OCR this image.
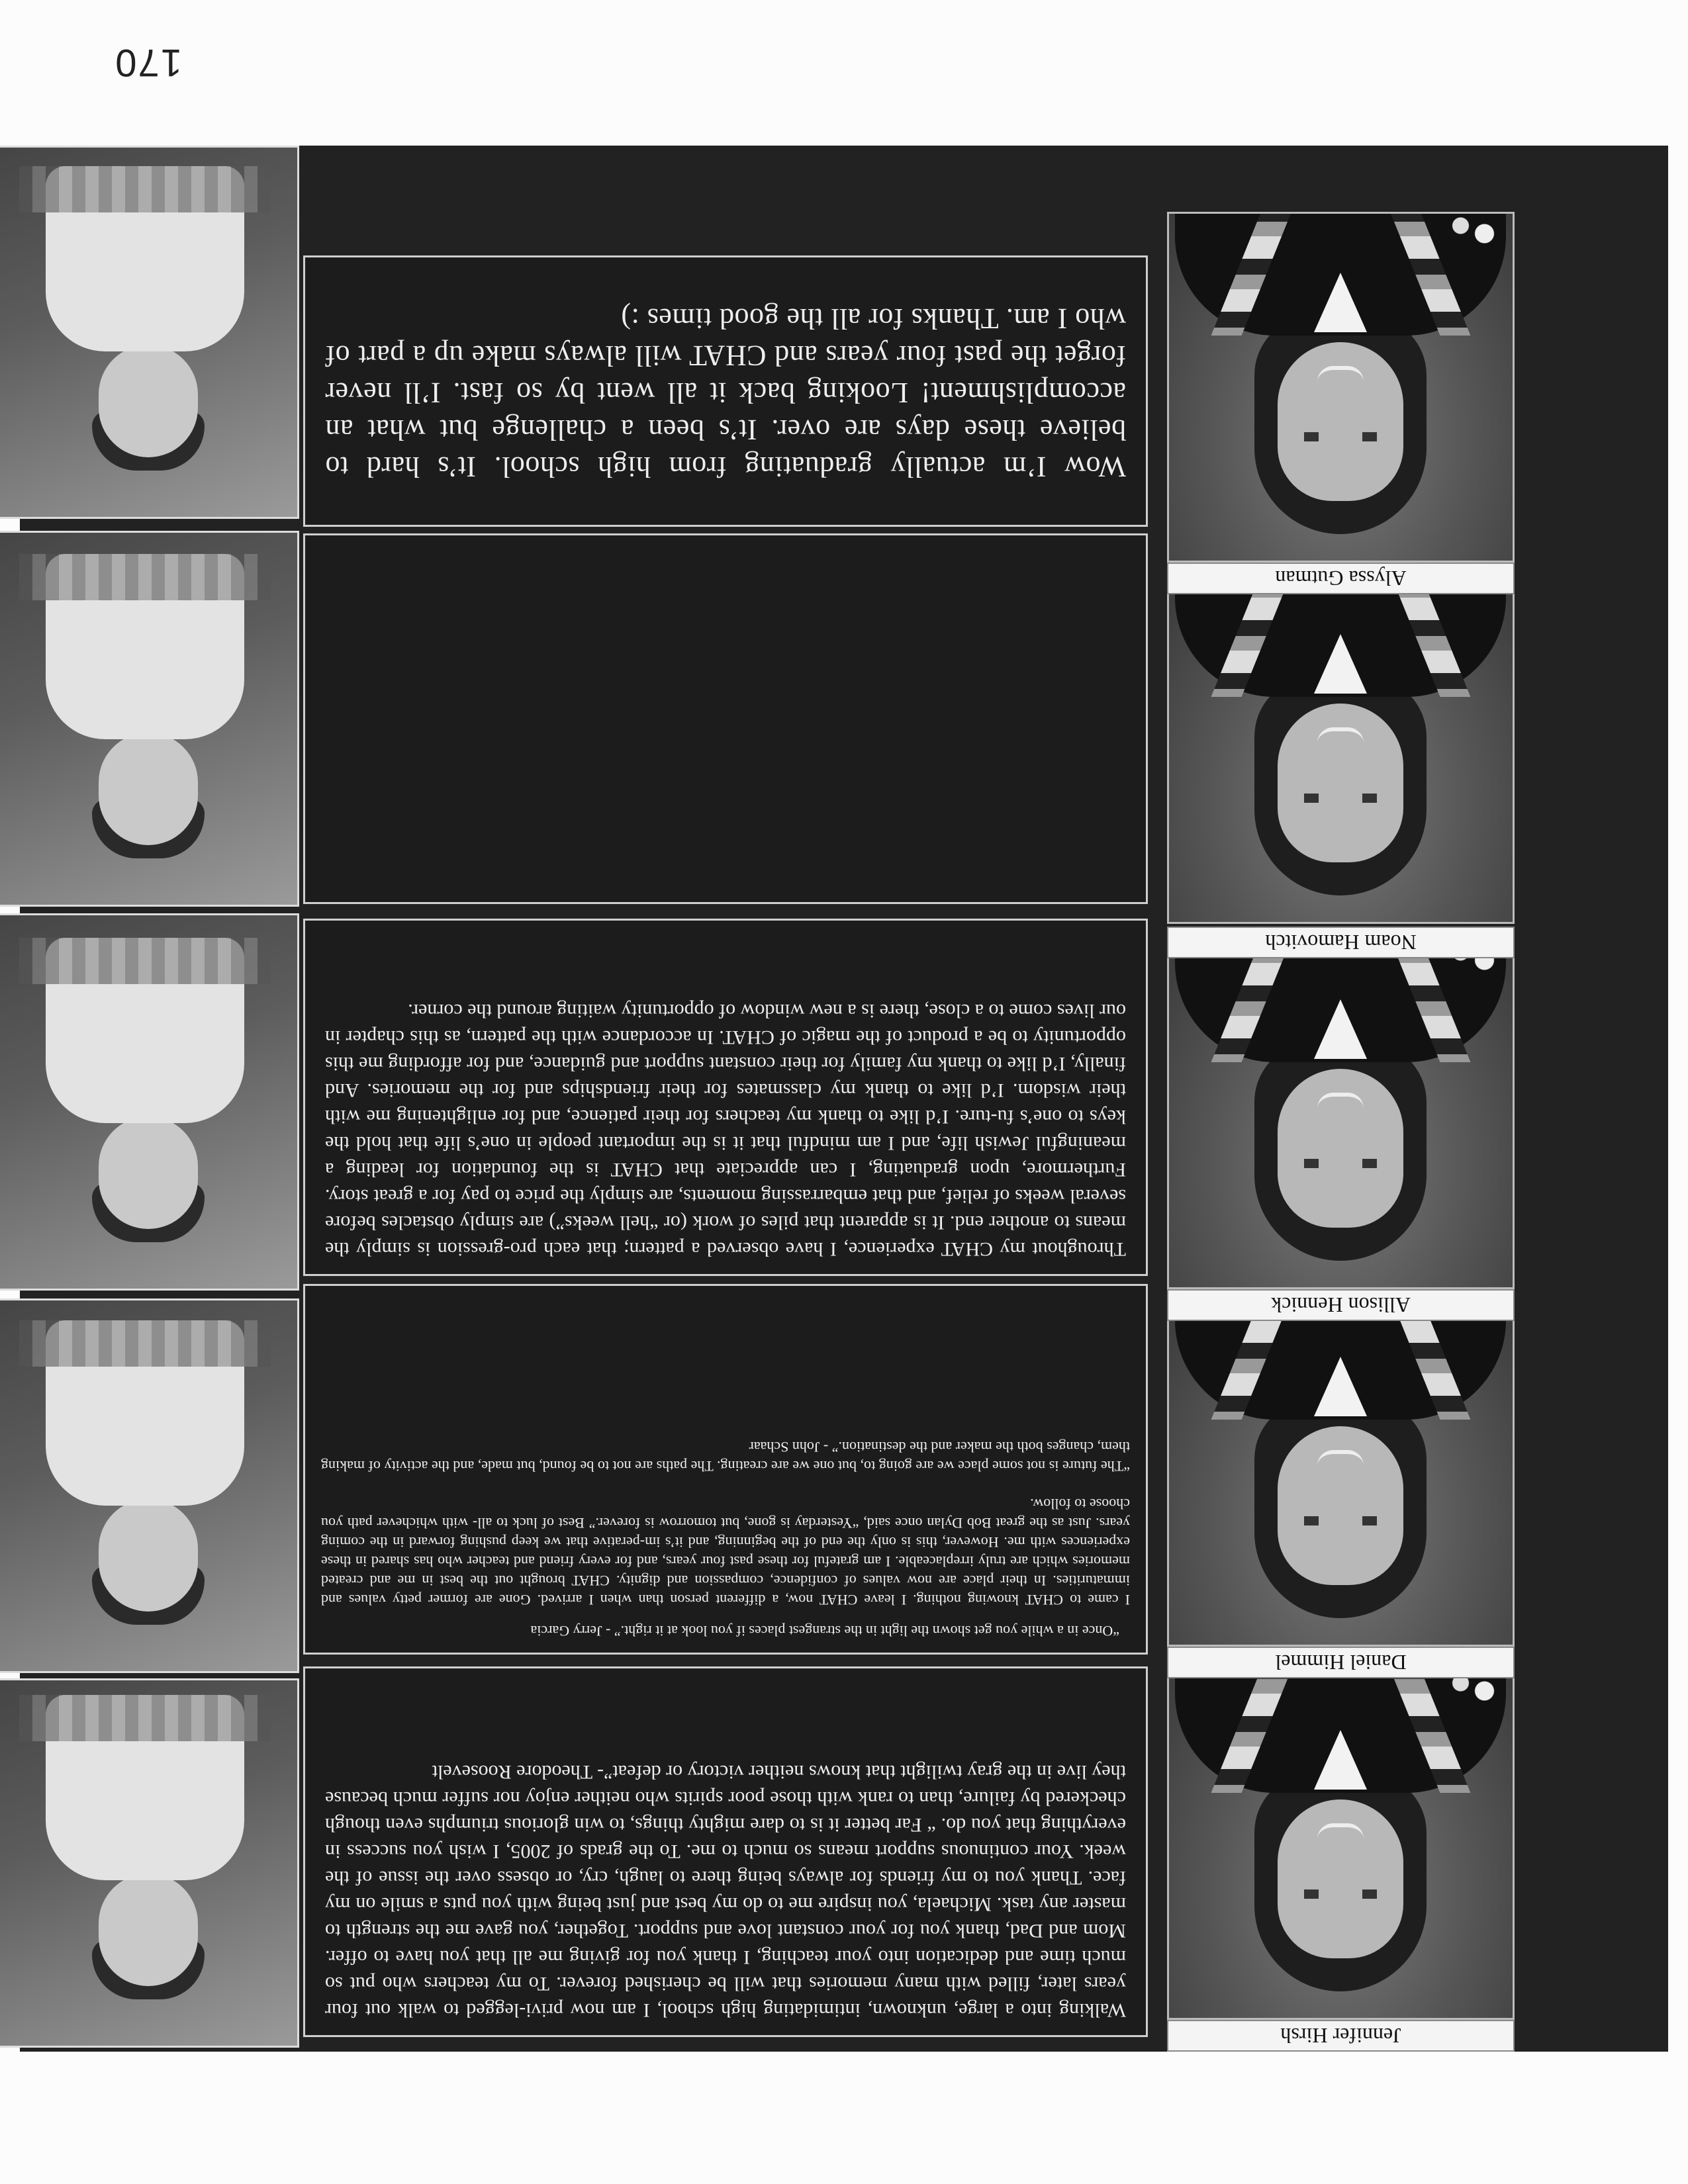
170
Jennifer Hirsh

Walking into a large, unknown, intimidating high school, I am now privi-legged to walk out four years later, filled with many memories that will be cherished forever. To my teachers who put so much time and dedication into your teaching, I thank you for giving me all that you have to offer. Mom and Dad, thank you for your constant love and support. Together, you gave me the strength to master any task. Michaela, you inspire me to do my best and just being with you puts a smile on my face. Thank you to my friends for always being there to laugh, cry, or obsess over the issue of the week. Your continuous support means so much to me. To the grads of 2005, I wish you success in everything that you do. “ Far better it is to dare mighty things, to win glorious triumphs even though checkered by failure, than to rank with those poor spirits who neither enjoy nor suffer much because they live in the gray twilight that knows neither victory or defeat”- Theodore Roosevelt

Daniel Himmel

“Once in a while you get shown the light in the strangest places if you look at it right.” - Jerry Garcia

I came to CHAT knowing nothing. I leave CHAT now, a different person than when I arrived. Gone are former petty values and immaturities. In their place are now values of confidence, compassion and dignity. CHAT brought out the best in me and created memories which are truly irreplaceable. I am grateful for these past four years, and for every friend and teacher who has shared in these experiences with me. However, this is only the end of the beginning, and it’s im-perative that we keep pushing forward in the coming years. Just as the great Bob Dylan once said, “Yesterday is gone, but tomorrow is forever.” Best of luck to all- with whichever path you choose to follow.

“The future is not some place we are going to, but one we are creating. The paths are not to be found, but made, and the activity of making them, changes both the maker and the destination.” - John Schaar

Allison Hennick

Throughout my CHAT experience, I have observed a pattern; that each pro-gression is simply the means to another end. It is apparent that piles of work (or “hell weeks”) are simply obstacles before several weeks of relief, and that embarrassing moments, are simply the price to pay for a great story. Furthermore, upon graduating, I can appreciate that CHAT is the foundation for leading a meaningful Jewish life, and I am mindful that it is the important people in one’s life that hold the keys to one’s fu-ture. I’d like to thank my teachers for their patience, and for enlightening me with their wisdom. I’d like to thank my classmates for their friendships and for the memories. And finally, I’d like to thank my family for their constant support and guidance, and for affording me this opportunity to be a product of the magic of CHAT. In accordance with the pattern, as this chapter in our lives come to a close, there is a new window of opportunity waiting around the corner.

Noam Hamovitch
Alyssa Gutman

Wow I’m actually graduating from high school. It’s hard to believe these days are over. It’s been a challenge but what an accomplishment! Looking back it all went by so fast. I’ll never forget the past four years and CHAT will always make up a part of who I am. Thanks for all the good times :)
